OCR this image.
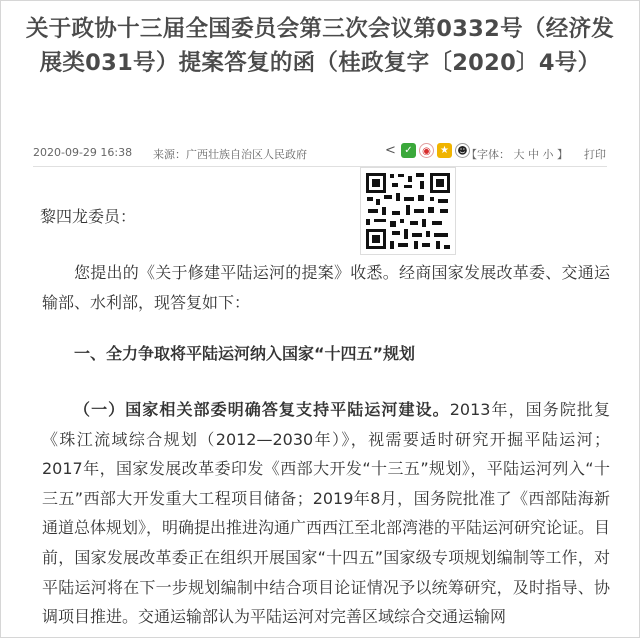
关于政协十三届全国委员会第三次会议第0332号（经济发展类031号）提案答复的函（桂政复字〔2020〕4号）
2020-09-29 16:38 来源：广西壮族自治区人民政府	< ✓ ◉ ★ ☻
【字体： 大 中 小 】 打印
黎四龙委员：

您提出的《关于修建平陆运河的提案》收悉。经商国家发展改革委、交通运输部、水利部，现答复如下：

一、全力争取将平陆运河纳入国家“十四五”规划

（一）国家相关部委明确答复支持平陆运河建设。2013年，国务院批复《珠江流域综合规划（2012—2030年）》，视需要适时研究开掘平陆运河；2017年，国家发展改革委印发《西部大开发“十三五”规划》，平陆运河列入“十三五”西部大开发重大工程项目储备；2019年8月，国务院批准了《西部陆海新通道总体规划》，明确提出推进沟通广西西江至北部湾港的平陆运河研究论证。目前，国家发展改革委正在组织开展国家“十四五”国家级专项规划编制等工作，对平陆运河将在下一步规划编制中结合项目论证情况予以统筹研究，及时指导、协调项目推进。交通运输部认为平陆运河对完善区域综合交通运输网
